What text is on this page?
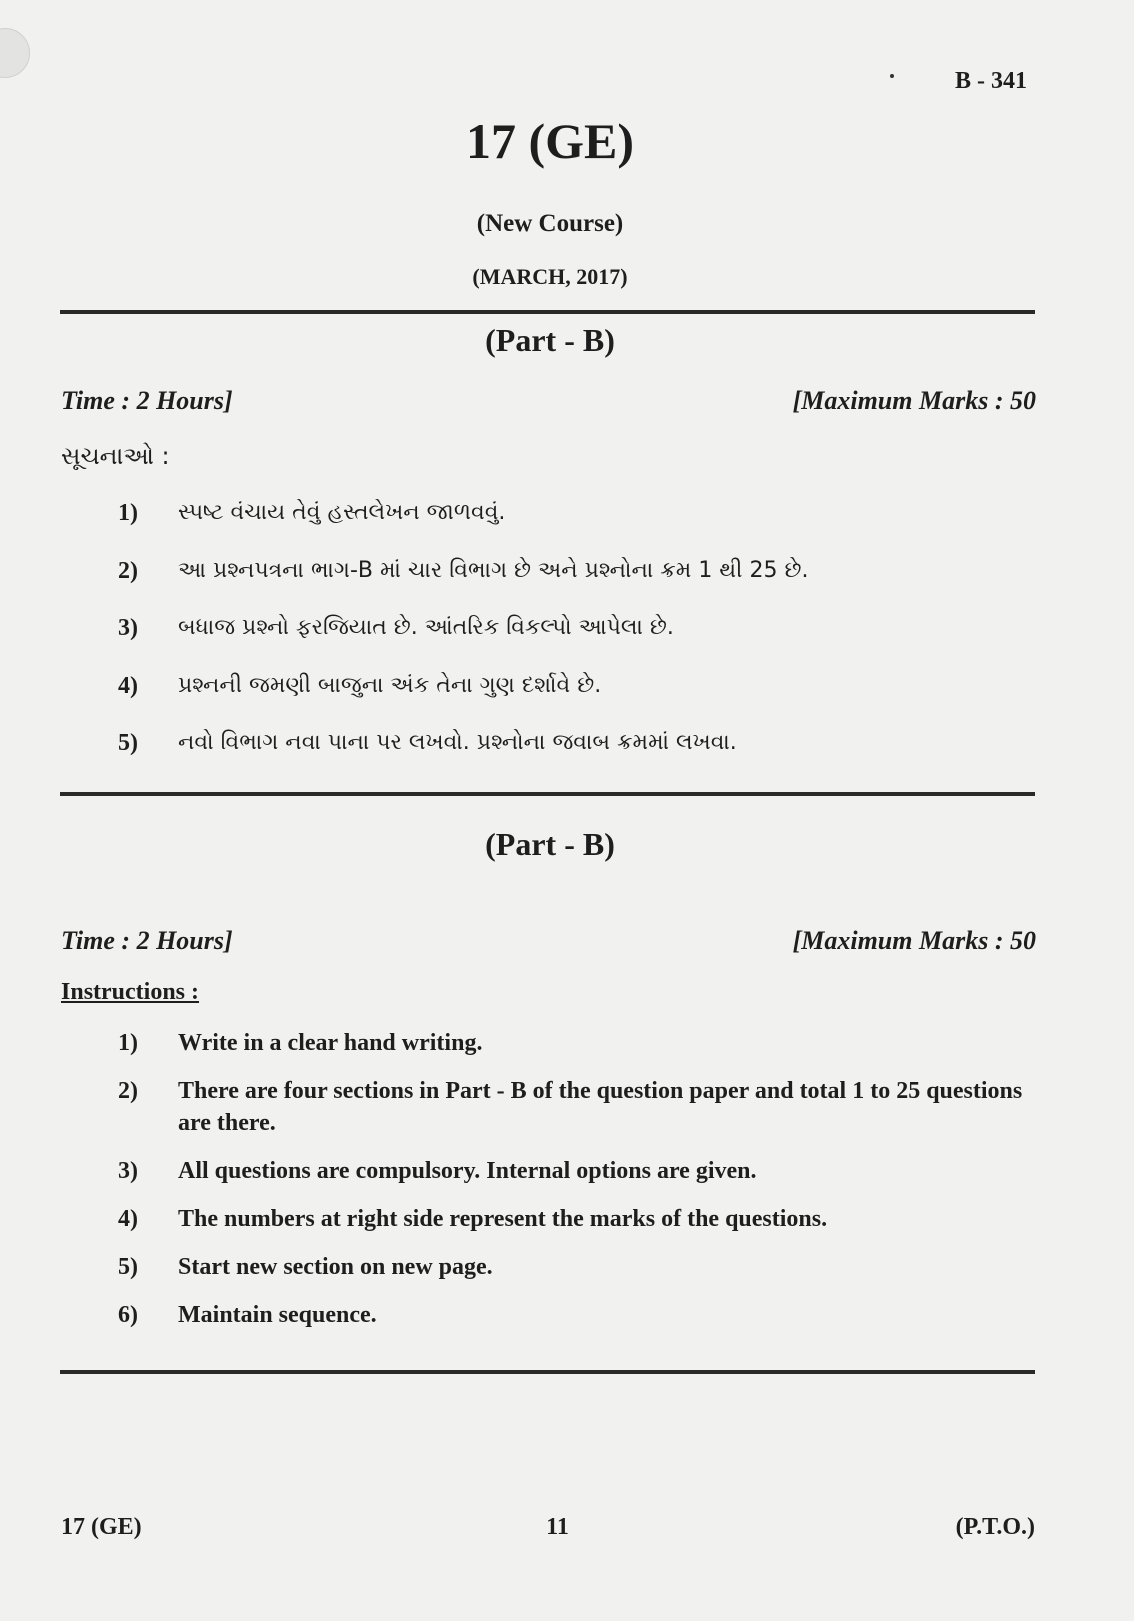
B - 341
17 (GE)
(New Course)
(MARCH, 2017)
(Part - B)
Time : 2 Hours]	[Maximum Marks : 50
સૂચનાઓ :
1)	સ્પષ્ટ વંચાય તેવું હસ્તલેખન જાળવવું.
2)	આ પ્રશ્નપત્રના ભાગ-B માં ચાર વિભાગ છે અને પ્રશ્નોના ક્રમ 1 થી 25 છે.
3)	બધાજ પ્રશ્નો ફરજિયાત છે. આંતરિક વિકલ્પો આપેલા છે.
4)	પ્રશ્નની જમણી બાજુના અંક તેના ગુણ દર્શાવે છે.
5)	નવો વિભાગ નવા પાના પર લખવો. પ્રશ્નોના જવાબ ક્રમમાં લખવા.
(Part - B)
Time : 2 Hours]	[Maximum Marks : 50
Instructions :
1)	Write in a clear hand writing.
2)	There are four sections in Part - B of the question paper and total 1 to 25 questions are there.
3)	All questions are compulsory. Internal options are given.
4)	The numbers at right side represent the marks of the questions.
5)	Start new section on new page.
6)	Maintain sequence.
17 (GE)	11	(P.T.O.)
